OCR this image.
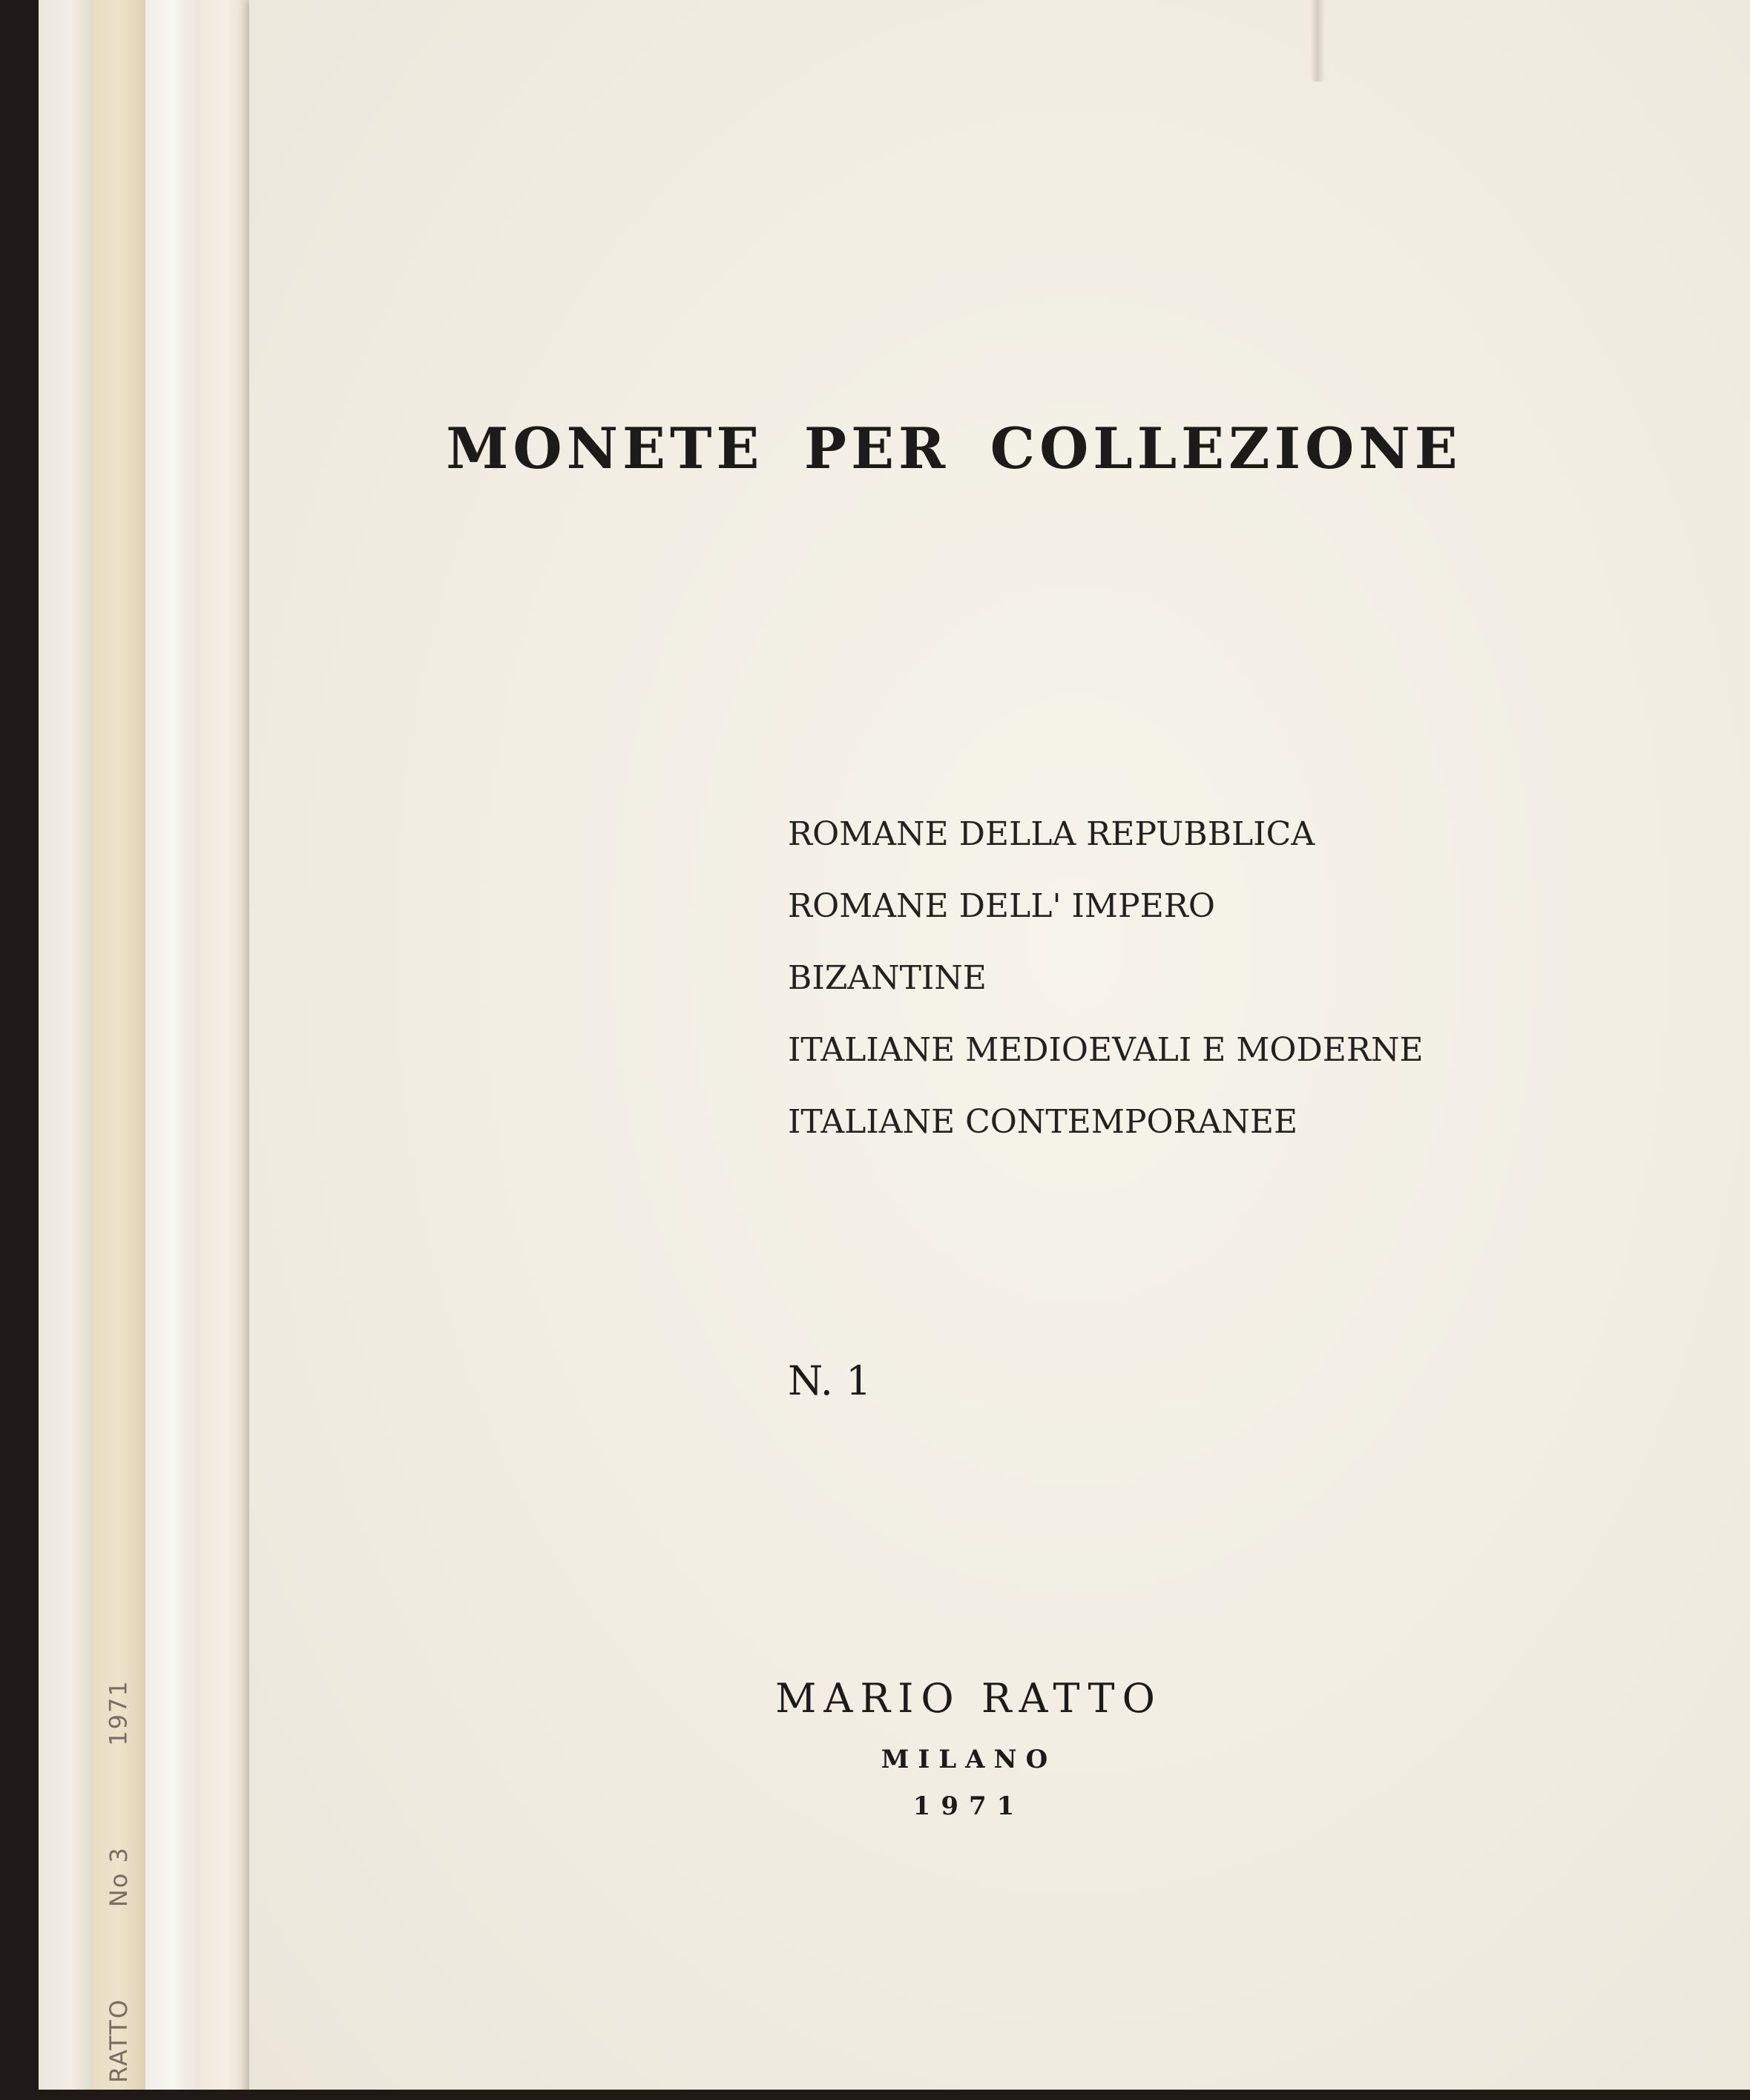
1971
No 3
RATTO
MONETE PER COLLEZIONE
ROMANE DELLA REPUBBLICA
ROMANE DELL' IMPERO
BIZANTINE
ITALIANE MEDIOEVALI E MODERNE
ITALIANE CONTEMPORANEE
N. 1
MARIO RATTO
MILANO
1971
